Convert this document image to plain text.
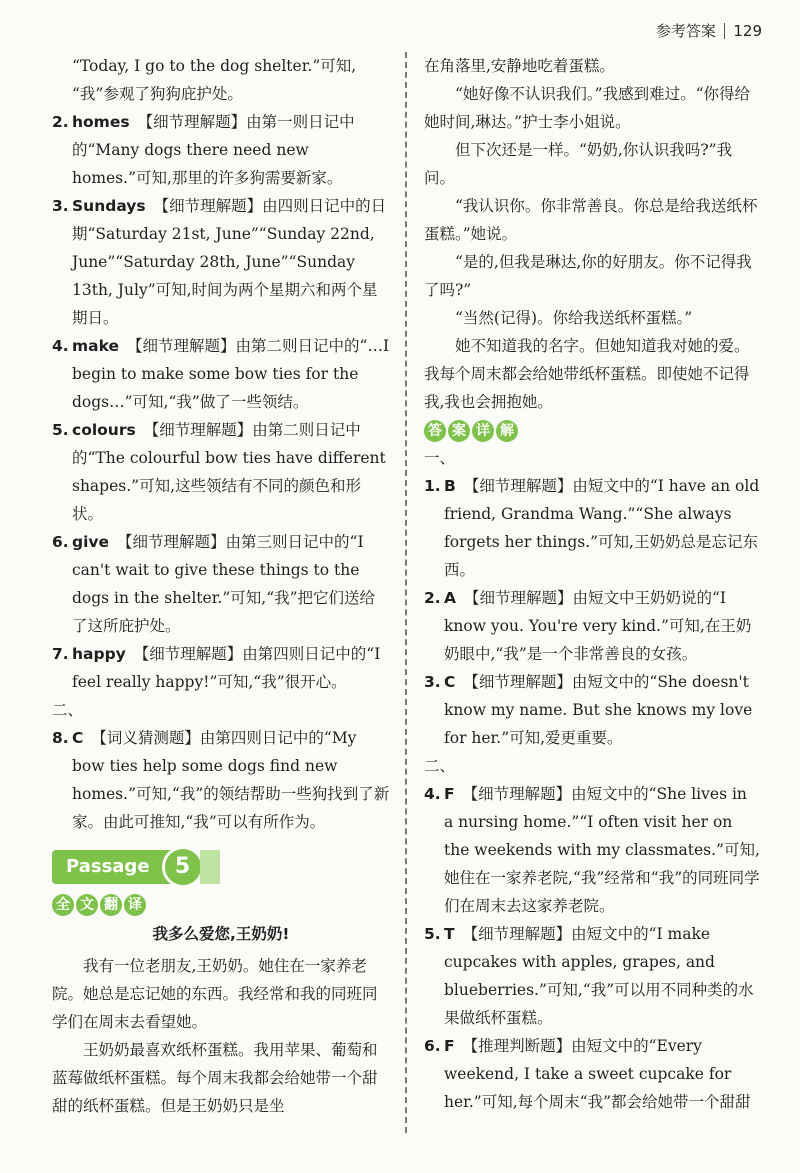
参考答案 129

“Today, I go to the dog shelter.”可知,

“我”参观了狗狗庇护处。

2. homes 【细节理解题】由第一则日记中的“Many dogs there need new homes.”可知,那里的许多狗需要新家。
3. Sundays 【细节理解题】由四则日记中的日期“Saturday 21st, June”“Sunday 22nd, June”“Saturday 28th, June”“Sunday 13th, July”可知,时间为两个星期六和两个星期日。
4. make 【细节理解题】由第二则日记中的“…I begin to make some bow ties for the dogs…”可知,“我”做了一些领结。
5. colours 【细节理解题】由第二则日记中的“The colourful bow ties have different shapes.”可知,这些领结有不同的颜色和形状。
6. give 【细节理解题】由第三则日记中的“I can't wait to give these things to the dogs in the shelter.”可知,“我”把它们送给了这所庇护处。
7. happy 【细节理解题】由第四则日记中的“I feel really happy!”可知,“我”很开心。

二、

8. C 【词义猜测题】由第四则日记中的“My bow ties help some dogs find new homes.”可知,“我”的领结帮助一些狗找到了新家。由此可推知,“我”可以有所作为。
Passage	5
全 文 翻 译

我多么爱您,王奶奶!

我有一位老朋友,王奶奶。她住在一家养老院。她总是忘记她的东西。我经常和我的同班同学们在周末去看望她。

王奶奶最喜欢纸杯蛋糕。我用苹果、葡萄和蓝莓做纸杯蛋糕。每个周末我都会给她带一个甜甜的纸杯蛋糕。但是王奶奶只是坐

在角落里,安静地吃着蛋糕。

“她好像不认识我们。”我感到难过。“你得给她时间,琳达。”护士李小姐说。

但下次还是一样。“奶奶,你认识我吗?”我问。

“我认识你。你非常善良。你总是给我送纸杯蛋糕。”她说。

“是的,但我是琳达,你的好朋友。你不记得我了吗?”

“当然(记得)。你给我送纸杯蛋糕。”

她不知道我的名字。但她知道我对她的爱。我每个周末都会给她带纸杯蛋糕。即使她不记得我,我也会拥抱她。

答 案 详 解

一、

1. B 【细节理解题】由短文中的“I have an old friend, Grandma Wang.”“She always forgets her things.”可知,王奶奶总是忘记东西。
2. A 【细节理解题】由短文中王奶奶说的“I know you. You're very kind.”可知,在王奶奶眼中,“我”是一个非常善良的女孩。
3. C 【细节理解题】由短文中的“She doesn't know my name. But she knows my love for her.”可知,爱更重要。

二、

4. F 【细节理解题】由短文中的“She lives in a nursing home.”“I often visit her on the weekends with my classmates.”可知,她住在一家养老院,“我”经常和“我”的同班同学们在周末去这家养老院。
5. T 【细节理解题】由短文中的“I make cupcakes with apples, grapes, and blueberries.”可知,“我”可以用不同种类的水果做纸杯蛋糕。
6. F 【推理判断题】由短文中的“Every weekend, I take a sweet cupcake for her.”可知,每个周末“我”都会给她带一个甜甜
